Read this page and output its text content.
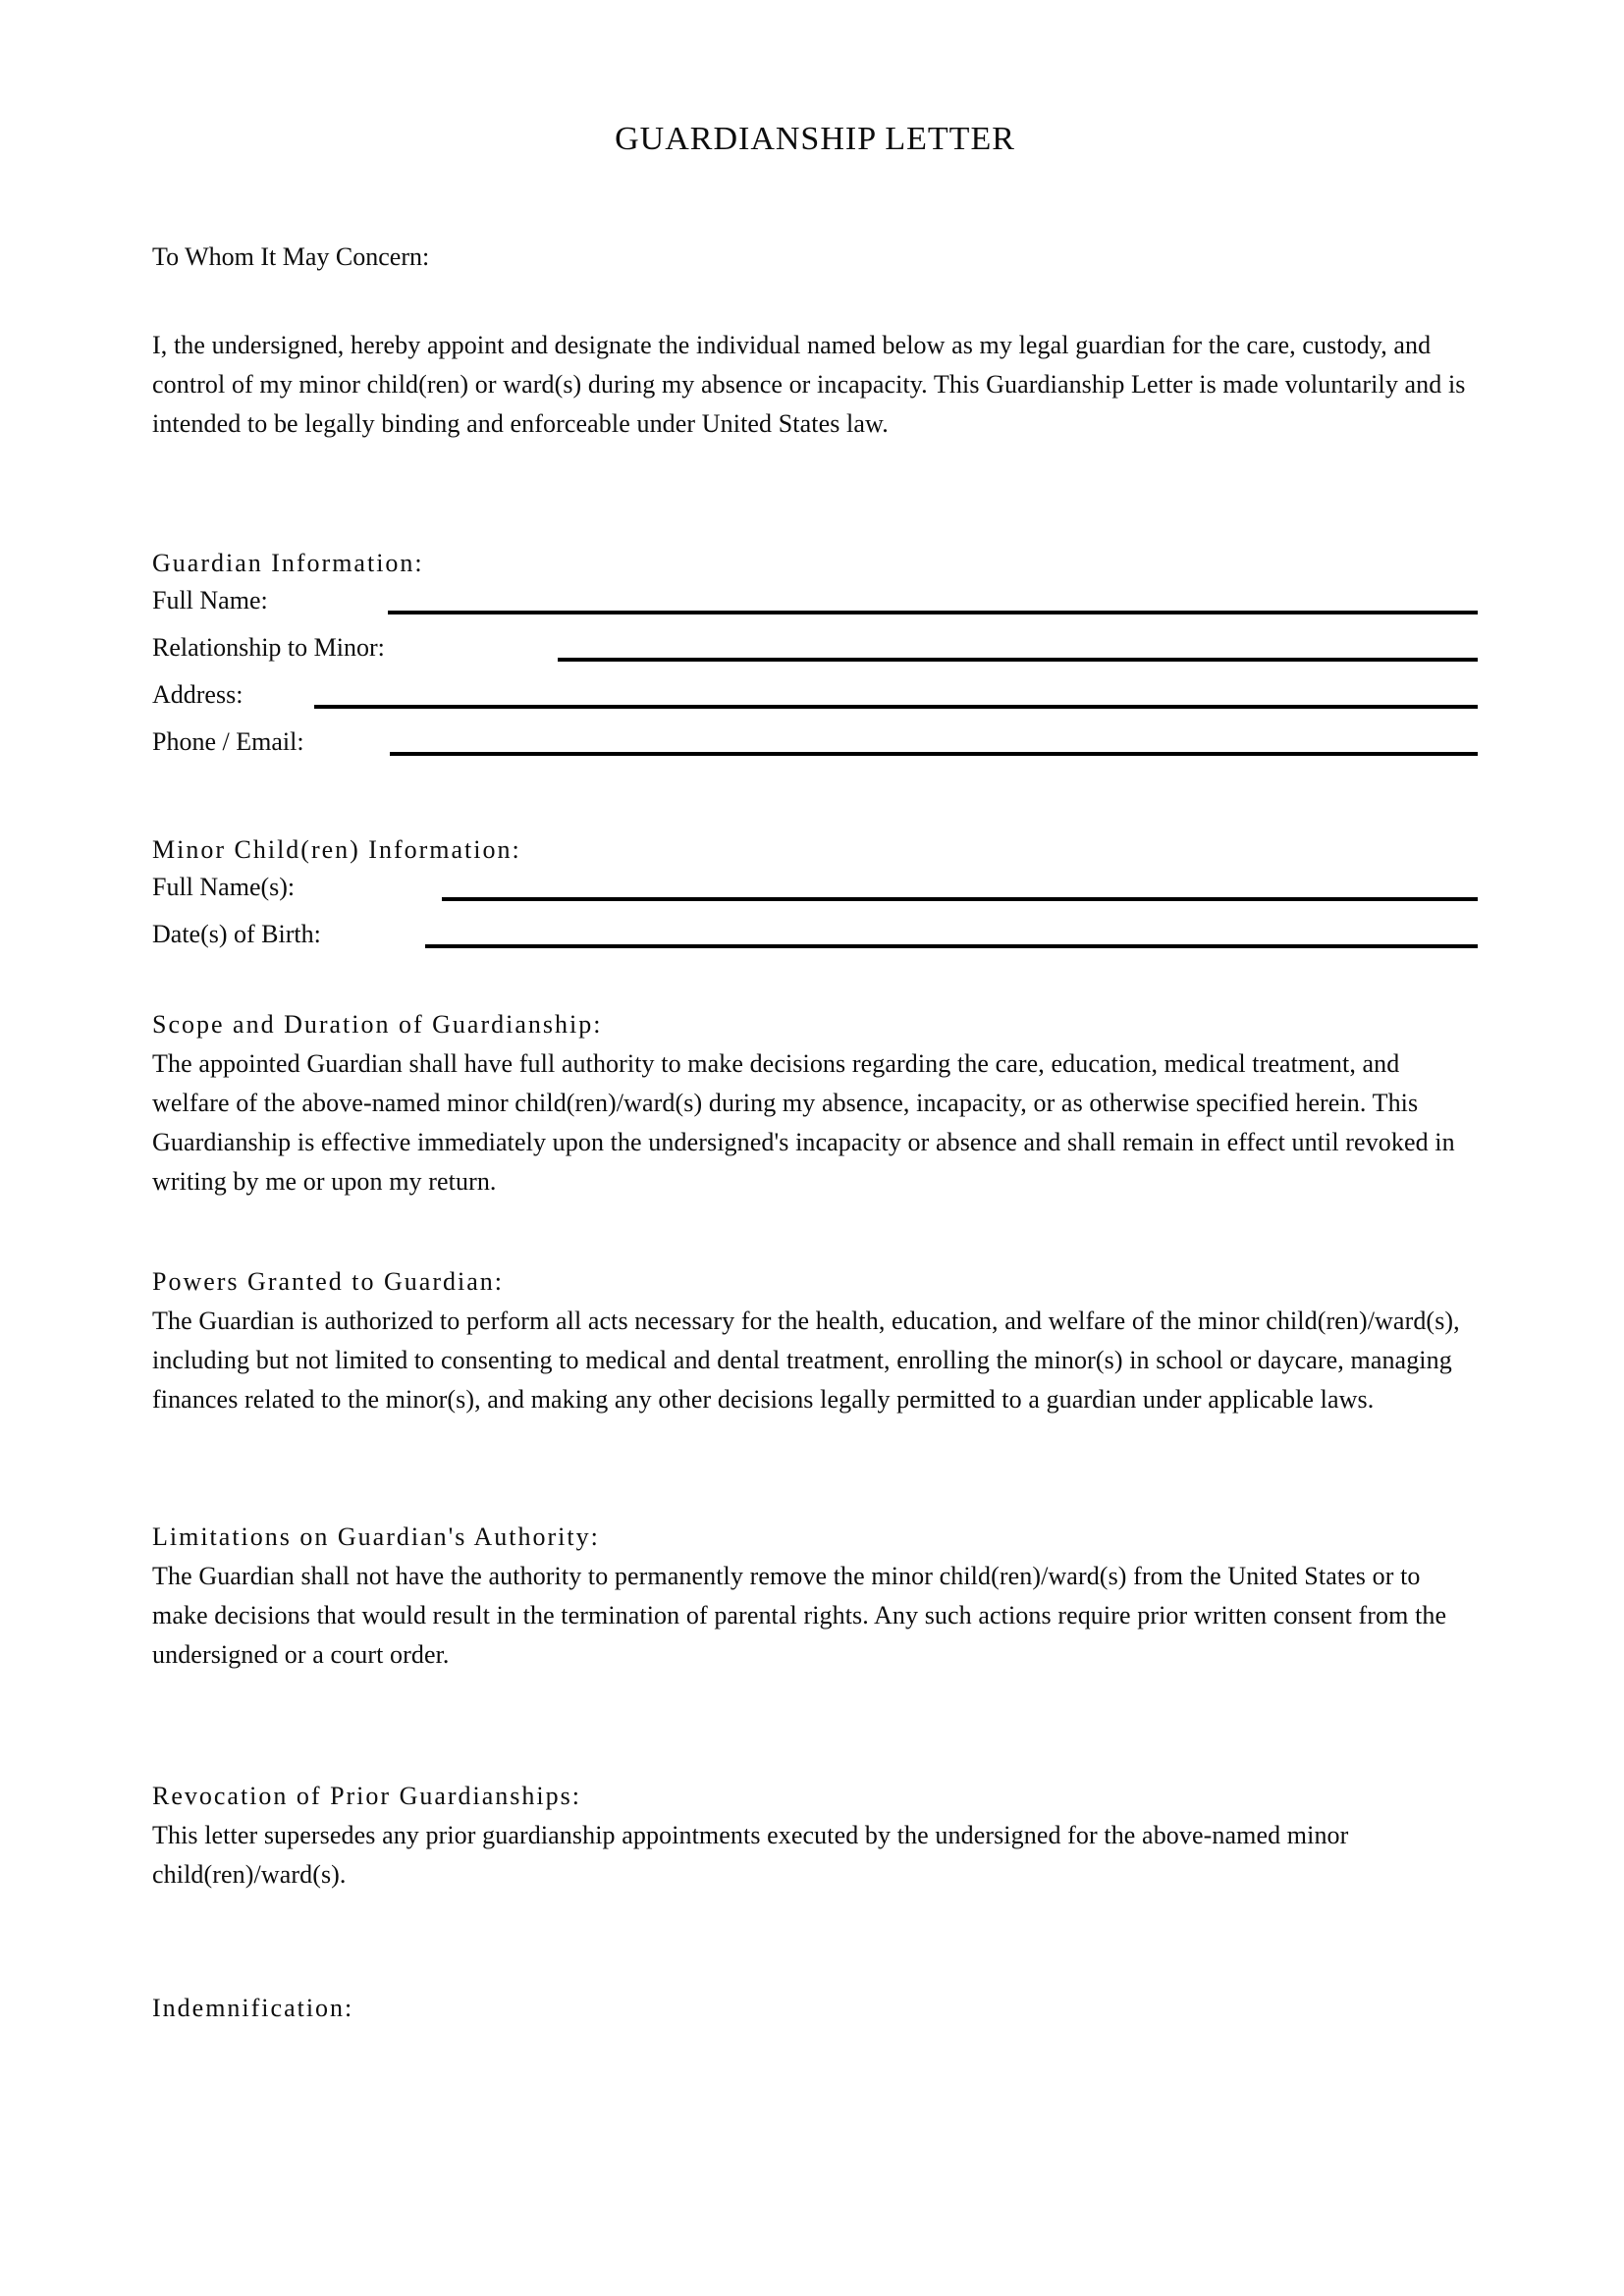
GUARDIANSHIP LETTER
To Whom It May Concern:

I, the undersigned, hereby appoint and designate the individual named below as my legal guardian for the care, custody, and control of my minor child(ren) or ward(s) during my absence or incapacity. This Guardianship Letter is made voluntarily and is intended to be legally binding and enforceable under United States law.

Guardian Information:
Full Name:
Relationship to Minor:
Address:
Phone / Email:
Minor Child(ren) Information:
Full Name(s):
Date(s) of Birth:
Scope and Duration of Guardianship:

The appointed Guardian shall have full authority to make decisions regarding the care, education, medical treatment, and welfare of the above-named minor child(ren)/ward(s) during my absence, incapacity, or as otherwise specified herein. This Guardianship is effective immediately upon the undersigned's incapacity or absence and shall remain in effect until revoked in writing by me or upon my return.

Powers Granted to Guardian:

The Guardian is authorized to perform all acts necessary for the health, education, and welfare of the minor child(ren)/ward(s), including but not limited to consenting to medical and dental treatment, enrolling the minor(s) in school or daycare, managing finances related to the minor(s), and making any other decisions legally permitted to a guardian under applicable laws.

Limitations on Guardian's Authority:

The Guardian shall not have the authority to permanently remove the minor child(ren)/ward(s) from the United States or to make decisions that would result in the termination of parental rights. Any such actions require prior written consent from the undersigned or a court order.

Revocation of Prior Guardianships:

This letter supersedes any prior guardianship appointments executed by the undersigned for the above-named minor child(ren)/ward(s).

Indemnification:
